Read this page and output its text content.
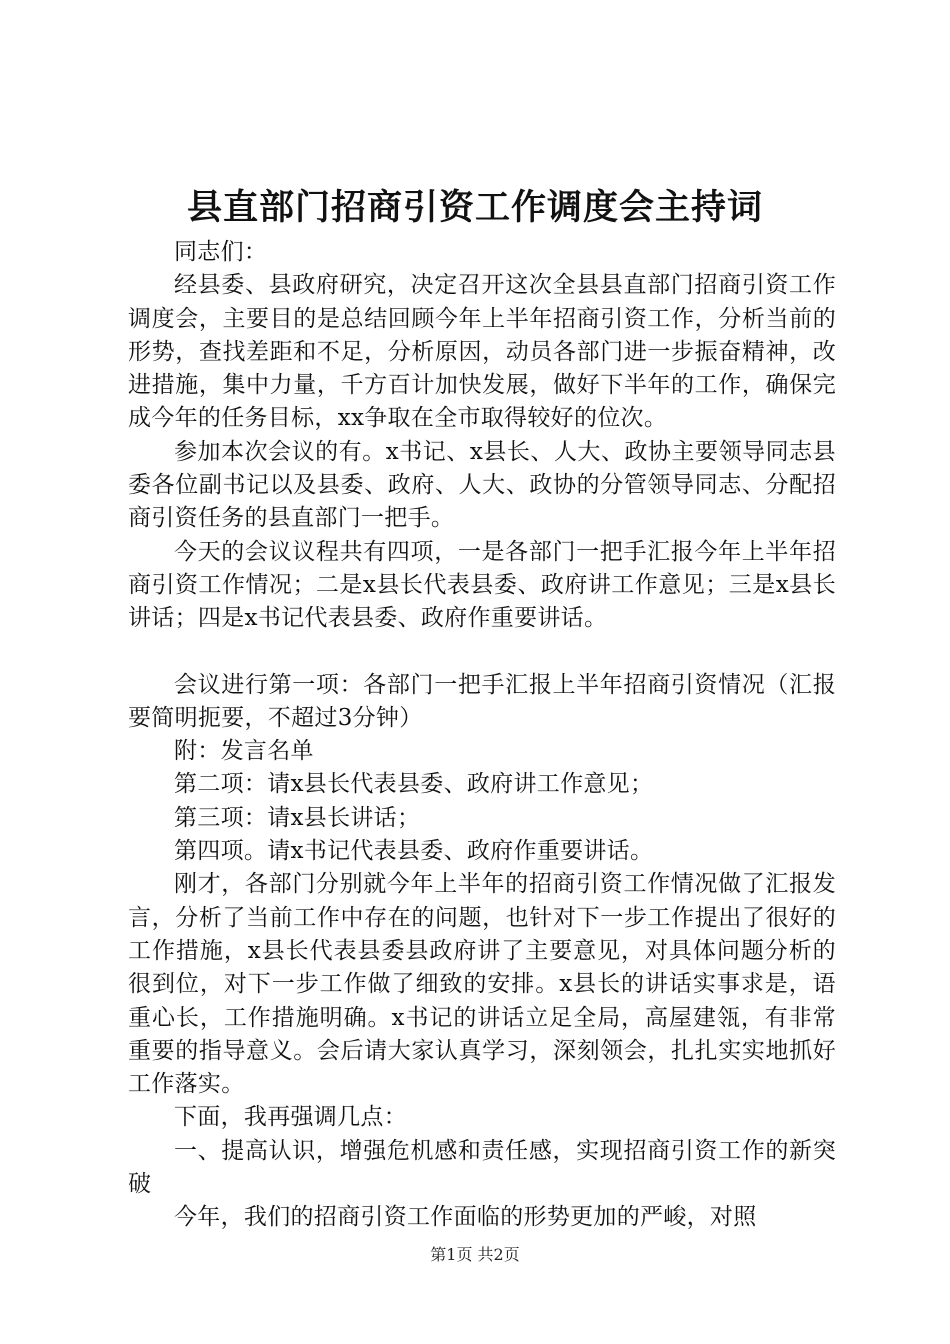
县直部门招商引资工作调度会主持词

同志们：

经县委、县政府研究，决定召开这次全县县直部门招商引资工作调度会，主要目的是总结回顾今年上半年招商引资工作，分析当前的形势，查找差距和不足，分析原因，动员各部门进一步振奋精神，改进措施，集中力量，千方百计加快发展，做好下半年的工作，确保完成今年的任务目标，xx争取在全市取得较好的位次。

参加本次会议的有。x书记、x县长、人大、政协主要领导同志县委各位副书记以及县委、政府、人大、政协的分管领导同志、分配招商引资任务的县直部门一把手。

今天的会议议程共有四项，一是各部门一把手汇报今年上半年招商引资工作情况；二是x县长代表县委、政府讲工作意见；三是x县长讲话；四是x书记代表县委、政府作重要讲话。

会议进行第一项：各部门一把手汇报上半年招商引资情况（汇报要简明扼要，不超过3分钟）

附：发言名单

第二项：请x县长代表县委、政府讲工作意见；

第三项：请x县长讲话；

第四项。请x书记代表县委、政府作重要讲话。

刚才，各部门分别就今年上半年的招商引资工作情况做了汇报发言，分析了当前工作中存在的问题，也针对下一步工作提出了很好的工作措施，x县长代表县委县政府讲了主要意见，对具体问题分析的很到位，对下一步工作做了细致的安排。x县长的讲话实事求是，语重心长，工作措施明确。x书记的讲话立足全局，高屋建瓴，有非常重要的指导意义。会后请大家认真学习，深刻领会，扎扎实实地抓好工作落实。

下面，我再强调几点：

一、提高认识，增强危机感和责任感，实现招商引资工作的新突破

今年，我们的招商引资工作面临的形势更加的严峻，对照

第1页 共2页
